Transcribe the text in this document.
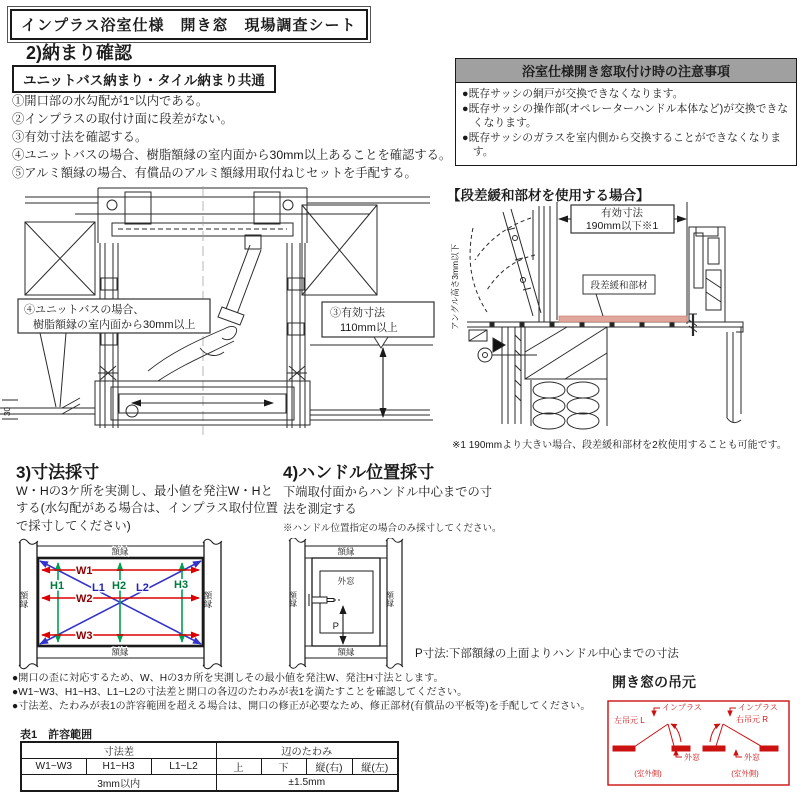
インプラス浴室仕様　開き窓　現場調査シート
2)納まり確認
ユニットバス納まり・タイル納まり共通
①開口部の水勾配が1°以内である。
②インプラスの取付け面に段差がない。
③有効寸法を確認する。
④ユニットバスの場合、樹脂額縁の室内面から30mm以上あることを確認する。
⑤アルミ額縁の場合、有償品のアルミ額縁用取付ねじセットを手配する。
浴室仕様開き窓取付け時の注意事項
●既存サッシの網戸が交換できなくなります。
●既存サッシの操作部(オペレーターハンドル本体など)が交換できなくなります。
●既存サッシのガラスを室内側から交換することができなくなります。
【段差緩和部材を使用する場合】
30
④ユニットバスの場合、
樹脂額縁の室内面から30mm以上
③有効寸法
110mm以上
有効寸法
190mm以下※1
段差緩和部材
アングル高さ3mm以下
※1 190mmより大きい場合、段差緩和部材を2枚使用することも可能です。
3)寸法採寸
W・Hの3ケ所を実測し、最小値を発注W・Hとする(水勾配がある場合は、インプラス取付位置で採寸してください)
W1
W2
W3
H1	H2	H3
L1	L2
額縁
額縁
額縁	額縁
4)ハンドル位置採寸
下端取付面からハンドル中心までの寸法を測定する
※ハンドル位置指定の場合のみ採寸してください。
額縁
額縁
額縁	額縁
外窓
P
P寸法:下部額縁の上面よりハンドル中心までの寸法
●開口の歪に対応するため、W、Hの3カ所を実測しその最小値を発注W、発注H寸法とします。
●W1~W3、H1~H3、L1~L2の寸法差と開口の各辺のたわみが表1を満たすことを確認してください。
●寸法差、たわみが表1の許容範囲を超える場合は、開口の修正が必要なため、修正部材(有償品の平板等)を手配してください。
表1　許容範囲
寸法差			辺のたわみ			
W1~W3	H1~H3	L1~L2	上	下	縦(右)	縦(左)
3mm以内			±1.5mm			
開き窓の吊元
左吊元 L
インプラス
外窓
(室外側)
インプラス
右吊元 R
外窓
(室外側)
